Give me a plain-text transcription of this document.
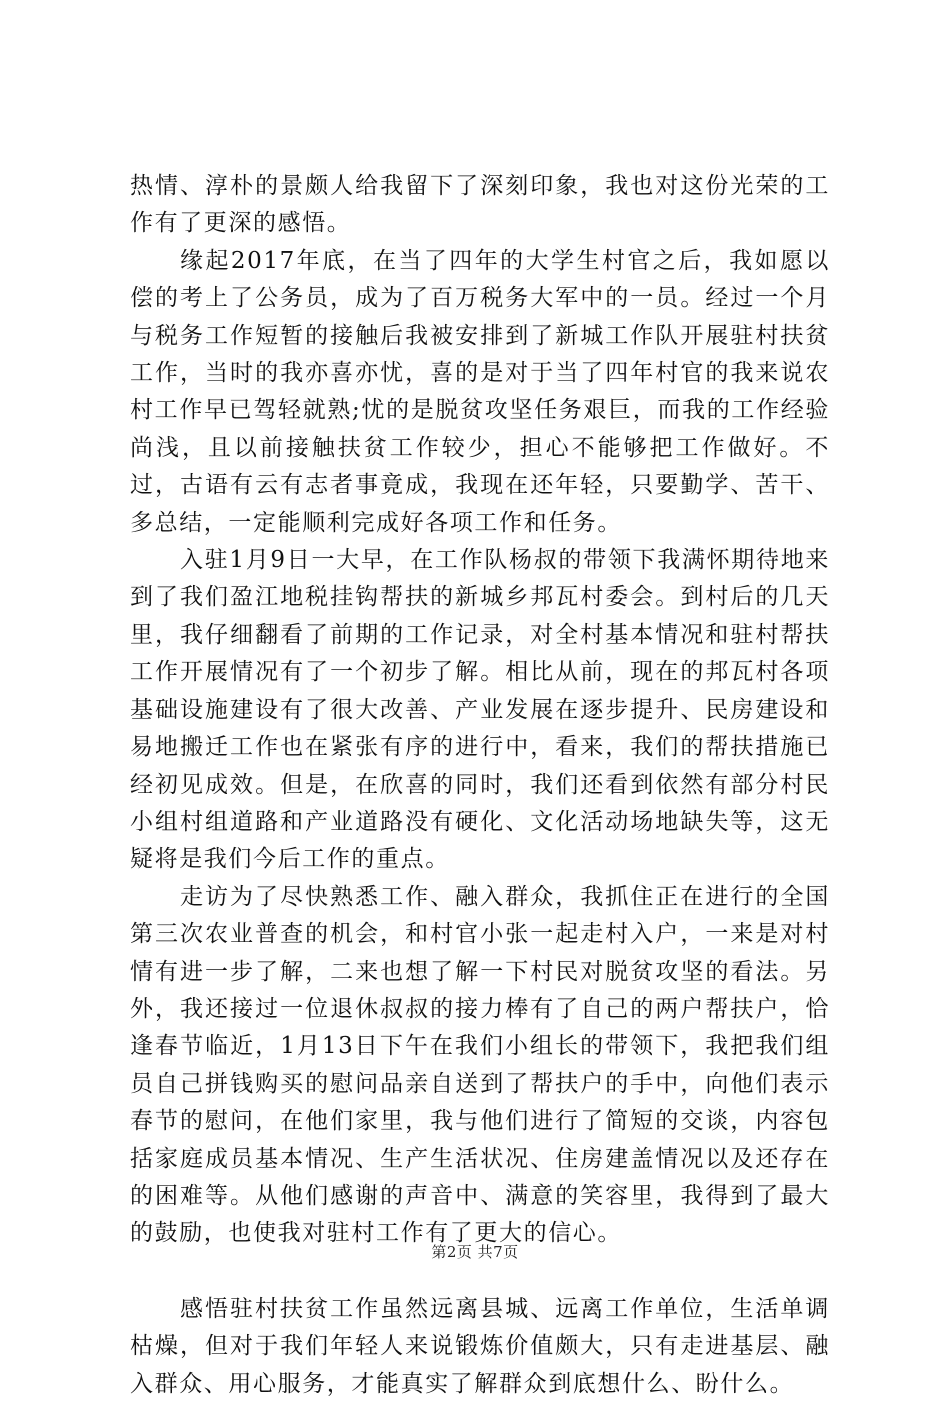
热情、淳朴的景颇人给我留下了深刻印象，我也对这份光荣的工作有了更深的感悟。

缘起2017年底，在当了四年的大学生村官之后，我如愿以偿的考上了公务员，成为了百万税务大军中的一员。经过一个月与税务工作短暂的接触后我被安排到了新城工作队开展驻村扶贫工作，当时的我亦喜亦忧，喜的是对于当了四年村官的我来说农村工作早已驾轻就熟;忧的是脱贫攻坚任务艰巨，而我的工作经验尚浅，且以前接触扶贫工作较少，担心不能够把工作做好。不过，古语有云有志者事竟成，我现在还年轻，只要勤学、苦干、多总结，一定能顺利完成好各项工作和任务。

入驻1月9日一大早，在工作队杨叔的带领下我满怀期待地来到了我们盈江地税挂钩帮扶的新城乡邦瓦村委会。到村后的几天里，我仔细翻看了前期的工作记录，对全村基本情况和驻村帮扶工作开展情况有了一个初步了解。相比从前，现在的邦瓦村各项基础设施建设有了很大改善、产业发展在逐步提升、民房建设和易地搬迁工作也在紧张有序的进行中，看来，我们的帮扶措施已经初见成效。但是，在欣喜的同时，我们还看到依然有部分村民小组村组道路和产业道路没有硬化、文化活动场地缺失等，这无疑将是我们今后工作的重点。

走访为了尽快熟悉工作、融入群众，我抓住正在进行的全国第三次农业普查的机会，和村官小张一起走村入户，一来是对村情有进一步了解，二来也想了解一下村民对脱贫攻坚的看法。另外，我还接过一位退休叔叔的接力棒有了自己的两户帮扶户，恰逢春节临近，1月13日下午在我们小组长的带领下，我把我们组员自己拼钱购买的慰问品亲自送到了帮扶户的手中，向他们表示春节的慰问，在他们家里，我与他们进行了简短的交谈，内容包括家庭成员基本情况、生产生活状况、住房建盖情况以及还存在的困难等。从他们感谢的声音中、满意的笑容里，我得到了最大的鼓励，也使我对驻村工作有了更大的信心。

感悟驻村扶贫工作虽然远离县城、远离工作单位，生活单调枯燥，但对于我们年轻人来说锻炼价值颇大，只有走进基层、融入群众、用心服务，才能真实了解群众到底想什么、盼什么。

第2页 共7页
